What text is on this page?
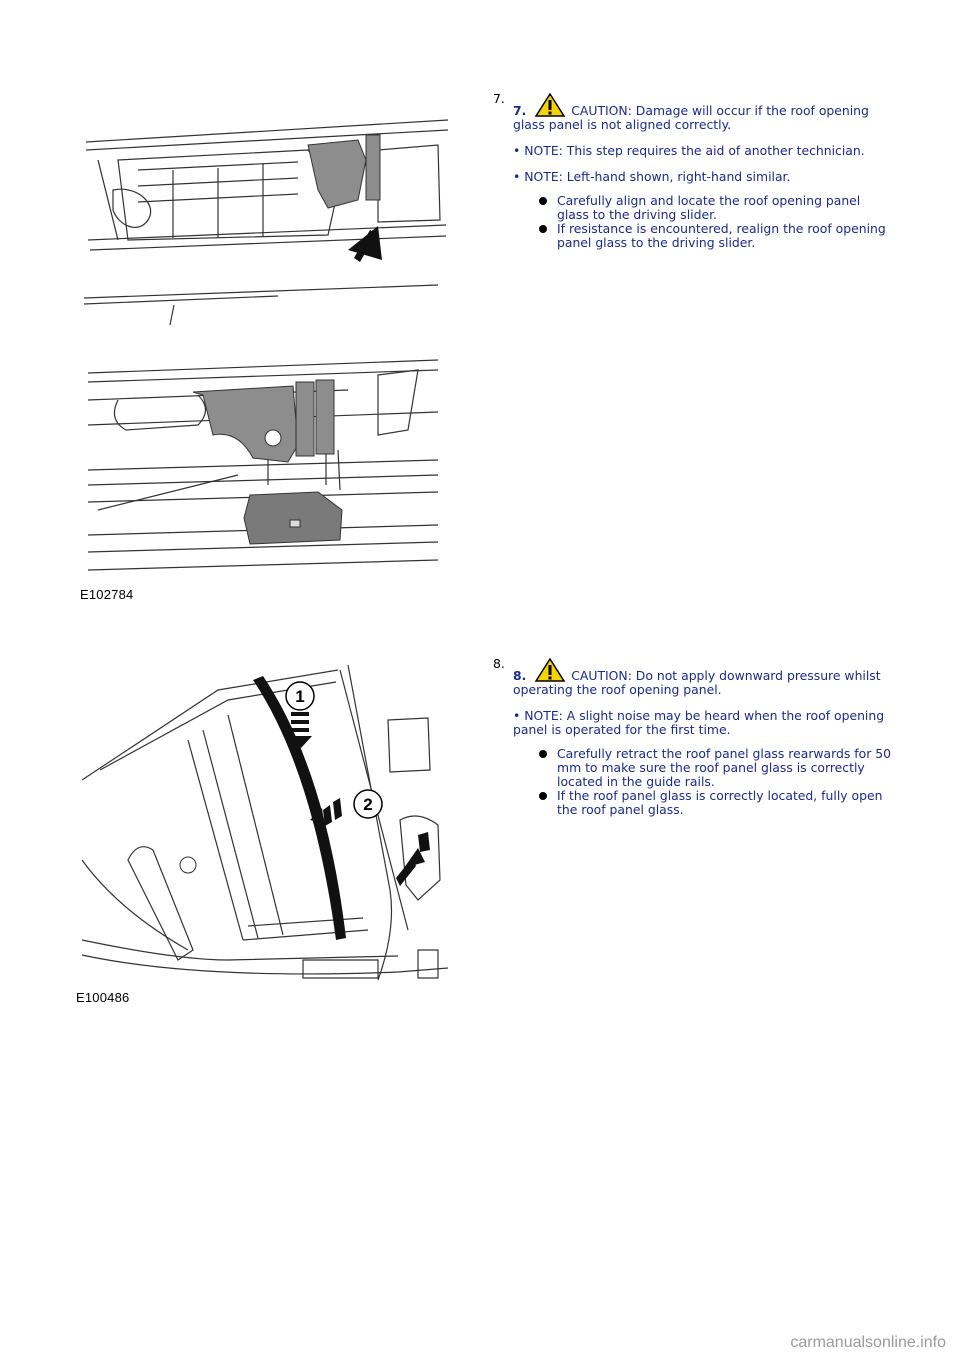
E102784
7.
7.	CAUTION: Damage will occur if the roof opening glass panel is not aligned correctly.
• NOTE: This step requires the aid of another technician.
• NOTE: Left-hand shown, right-hand similar.
Carefully align and locate the roof opening panel glass to the driving slider.
If resistance is encountered, realign the roof opening panel glass to the driving slider.
1
2
E100486
8.
8.	CAUTION: Do not apply downward pressure whilst operating the roof opening panel.
• NOTE: A slight noise may be heard when the roof opening panel is operated for the first time.
Carefully retract the roof panel glass rearwards for 50 mm to make sure the roof panel glass is correctly located in the guide rails.
If the roof panel glass is correctly located, fully open the roof panel glass.
carmanualsonline.info
